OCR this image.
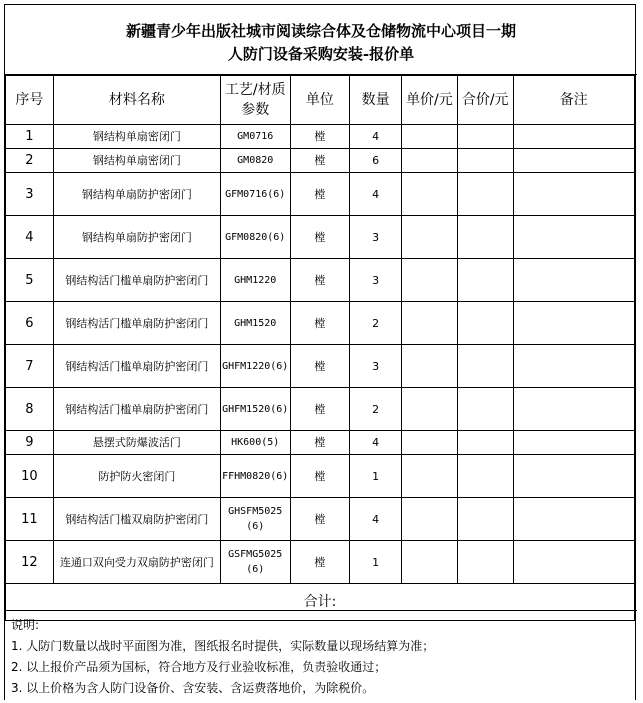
新疆青少年出版社城市阅读综合体及仓储物流中心项目一期
人防门设备采购安装-报价单
序号	材料名称	工艺/材质参数	单位	数量	单价/元	合价/元	备注
1	钢结构单扇密闭门	GM0716	樘	4			
2	钢结构单扇密闭门	GM0820	樘	6			
3	钢结构单扇防护密闭门	GFM0716(6)	樘	4			
4	钢结构单扇防护密闭门	GFM0820(6)	樘	3			
5	钢结构活门槛单扇防护密闭门	GHM1220	樘	3			
6	钢结构活门槛单扇防护密闭门	GHM1520	樘	2			
7	钢结构活门槛单扇防护密闭门	GHFM1220(6)	樘	3			
8	钢结构活门槛单扇防护密闭门	GHFM1520(6)	樘	2			
9	悬摆式防爆波活门	HK600(5)	樘	4			
10	防护防火密闭门	FFHM0820(6)	樘	1			
11	钢结构活门槛双扇防护密闭门	GHSFM5025(6)	樘	4			
12	连通口双向受力双扇防护密闭门	GSFMG5025(6)	樘	1			
合计:							
说明:
1. 人防门数量以战时平面图为准，图纸报名时提供，实际数量以现场结算为准；
2. 以上报价产品须为国标，符合地方及行业验收标准，负责验收通过；
3. 以上价格为含人防门设备价、含安装、含运费落地价，为除税价。
